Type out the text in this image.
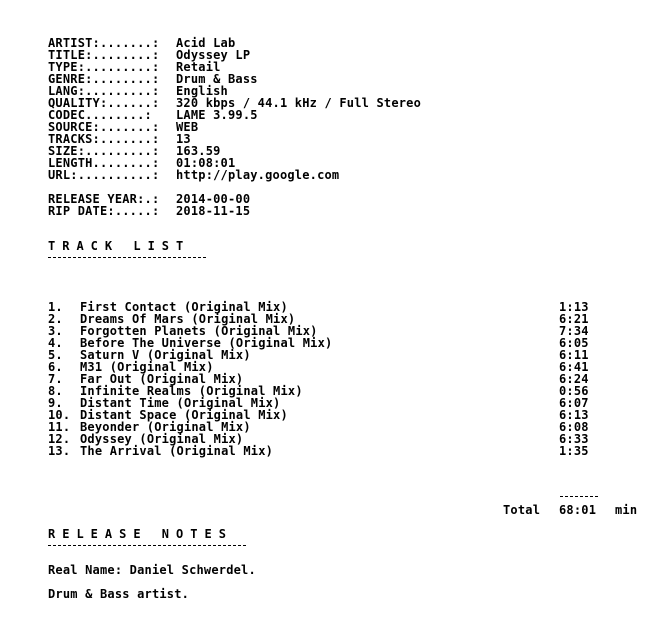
ARTIST:.......: Acid Lab
TITLE:........: Odyssey LP
TYPE:.........: Retail
GENRE:........: Drum & Bass
LANG:.........: English
QUALITY:......: 320 kbps / 44.1 kHz / Full Stereo
CODEC........: LAME 3.99.5
SOURCE:.......: WEB
TRACKS:.......: 13
SIZE:.........: 163.59
LENGTH........: 01:08:01
URL:..........: http://play.google.com
RELEASE YEAR:.: 2014-00-00
RIP DATE:.....: 2018-11-15
TRACK LIST
1. First Contact (Original Mix)	1:13
2. Dreams Of Mars (Original Mix)	6:21
3. Forgotten Planets (Original Mix)	7:34
4. Before The Universe (Original Mix)	6:05
5. Saturn V (Original Mix)	6:11
6. M31 (Original Mix)	6:41
7. Far Out (Original Mix)	6:24
8. Infinite Realms (Original Mix)	0:56
9. Distant Time (Original Mix)	6:07
10. Distant Space (Original Mix)	6:13
11. Beyonder (Original Mix)	6:08
12. Odyssey (Original Mix)	6:33
13. The Arrival (Original Mix)	1:35
Total 68:01 min
RELEASE NOTES
Real Name: Daniel Schwerdel.
Drum & Bass artist.
